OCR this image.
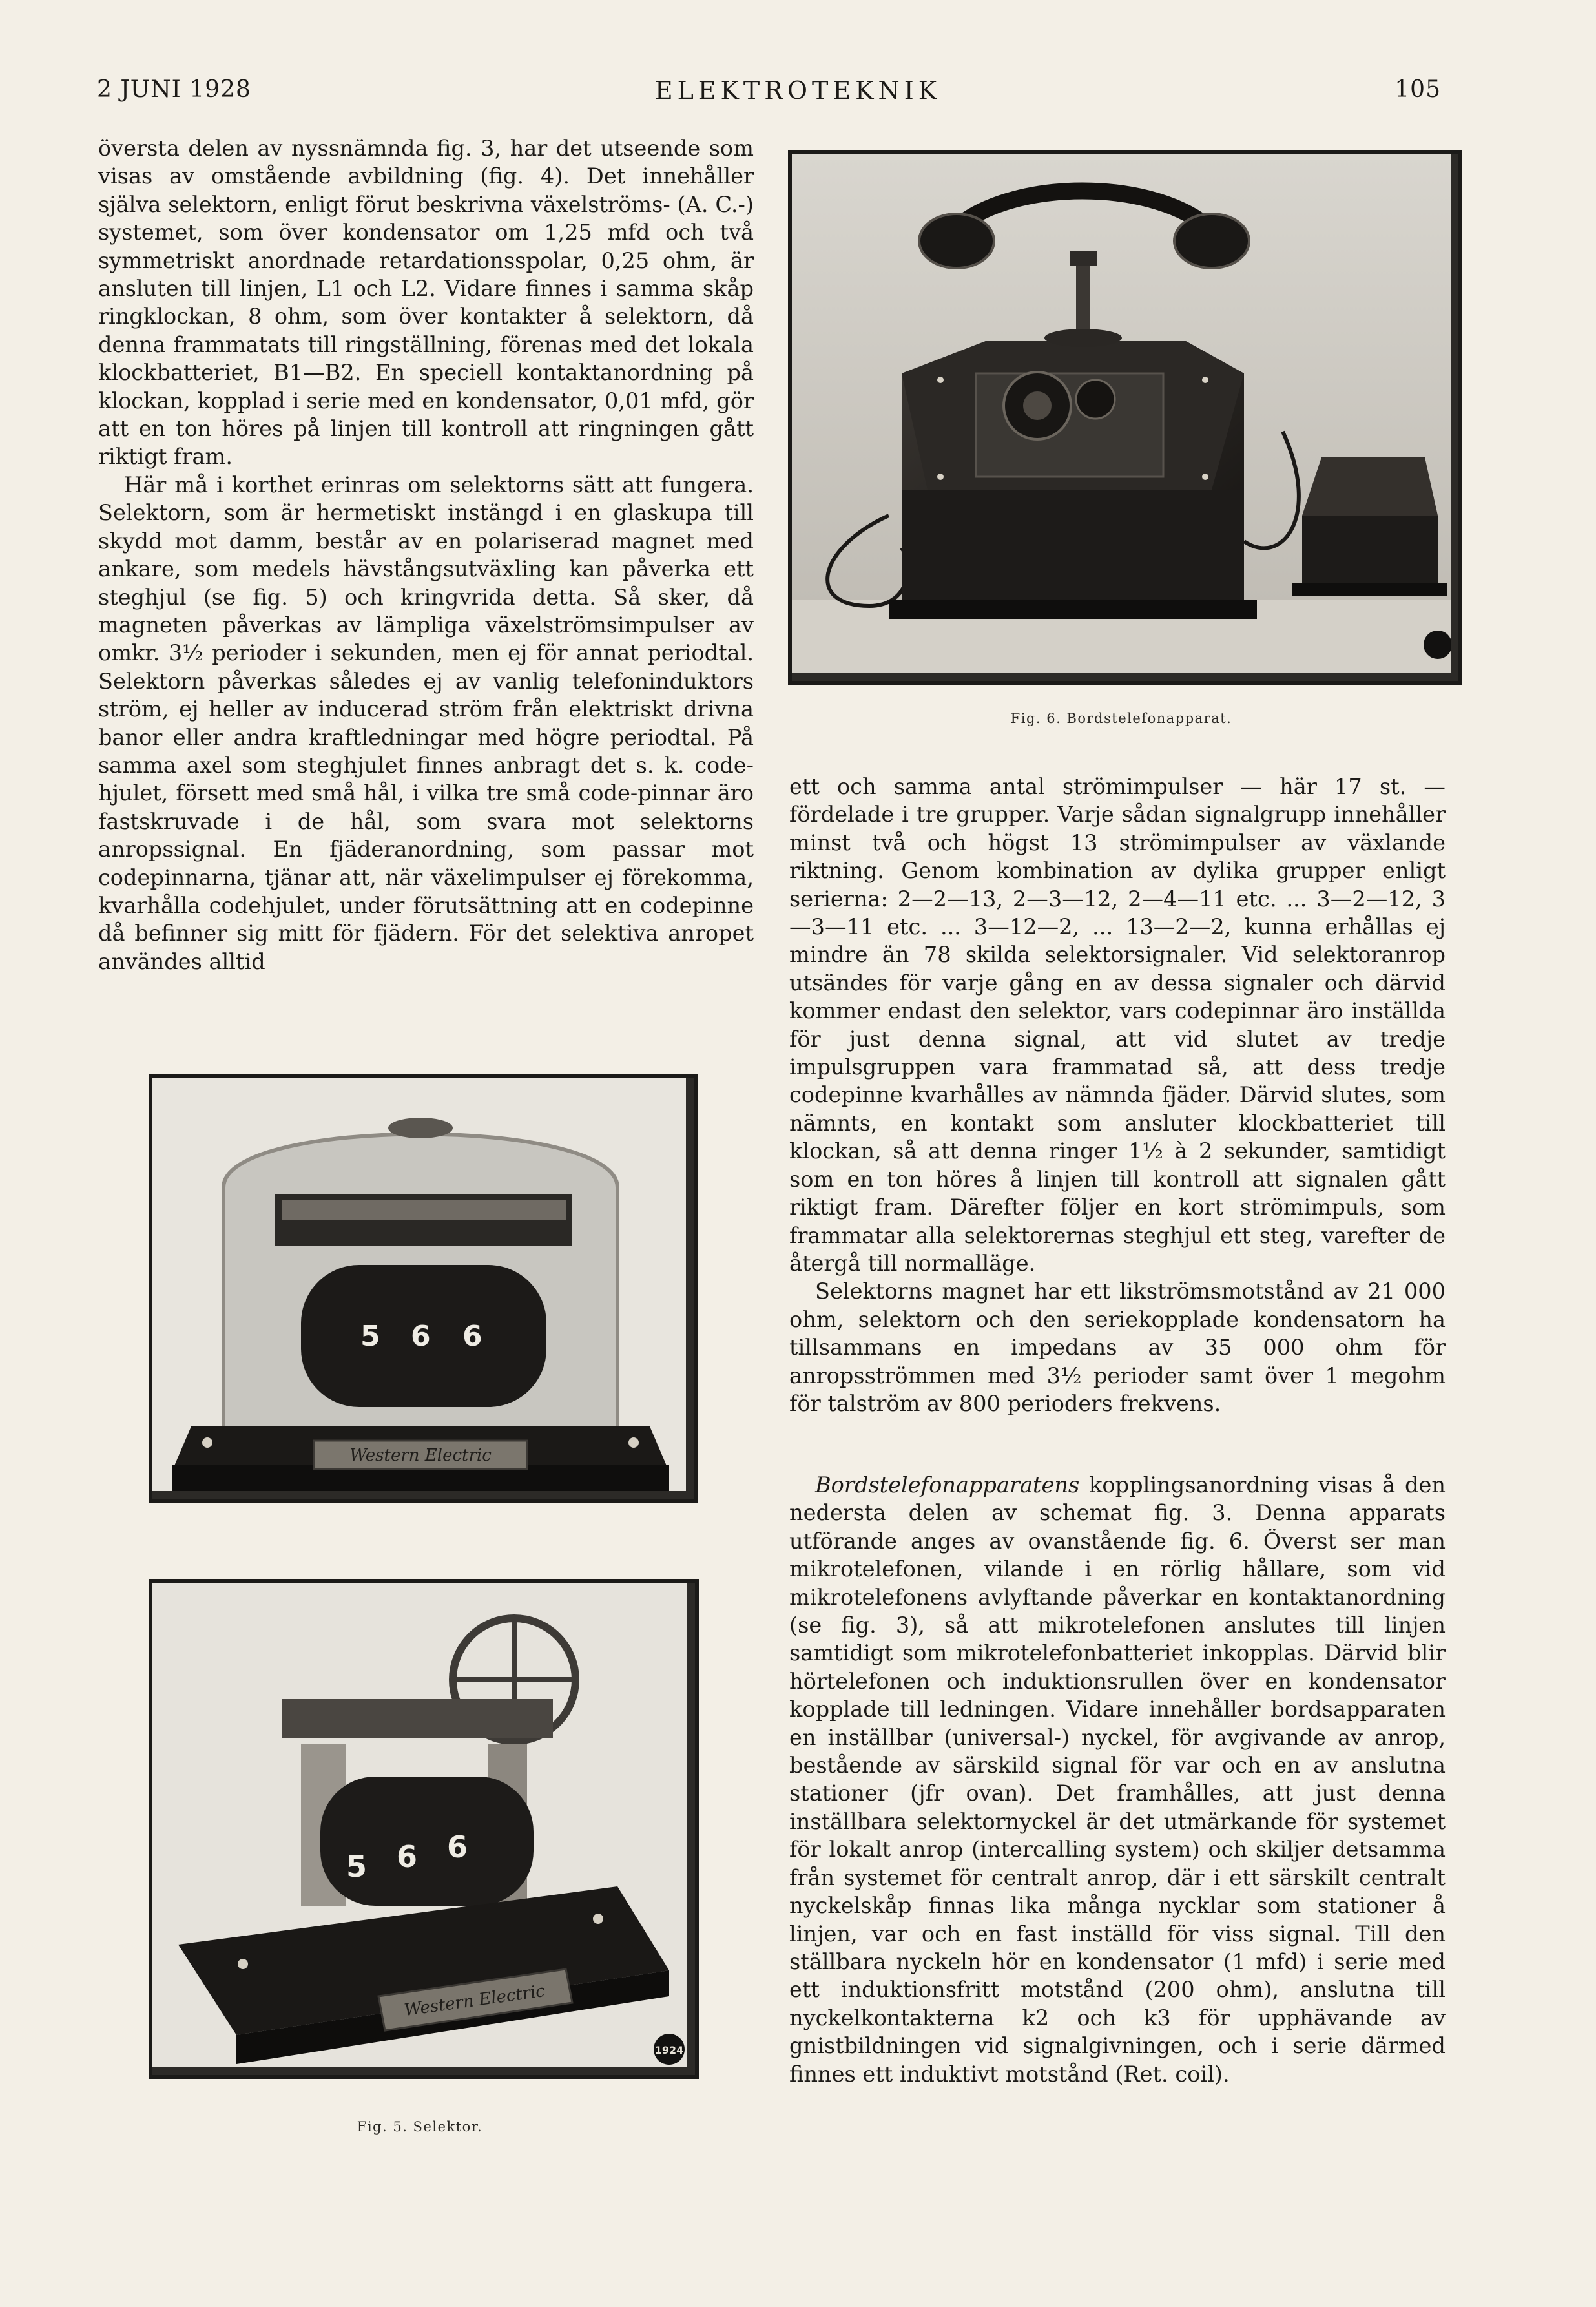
2 JUNI 1928	ELEKTROTEKNIK	105

översta delen av nyssnämnda fig. 3, har det utseende som visas av omstående avbildning (fig. 4). Det innehåller själva selektorn, enligt förut beskrivna växelströms- (A. C.-) systemet, som över kondensator om 1,25 mfd och två symmetriskt anordnade retardationsspolar, 0,25 ohm, är ansluten till linjen, L1 och L2. Vidare finnes i samma skåp ringklockan, 8 ohm, som över kontakter å selektorn, då denna frammatats till ringställning, förenas med det lokala klockbatteriet, B1—B2. En speciell kontaktanordning på klockan, kopplad i serie med en kondensator, 0,01 mfd, gör att en ton höres på linjen till kontroll att ringningen gått riktigt fram.

Här må i korthet erinras om selektorns sätt att fungera. Selektorn, som är hermetiskt instängd i en glaskupa till skydd mot damm, består av en polariserad magnet med ankare, som medels hävstångsutväxling kan påverka ett steghjul (se fig. 5) och kringvrida detta. Så sker, då magneten påverkas av lämpliga växelströmsimpulser av omkr. 3½ perioder i sekunden, men ej för annat periodtal. Selektorn påverkas således ej av vanlig telefoninduktors ström, ej heller av inducerad ström från elektriskt drivna banor eller andra kraftledningar med högre periodtal. På samma axel som steghjulet finnes anbragt det s. k. code-hjulet, försett med små hål, i vilka tre små code-pinnar äro fastskruvade i de hål, som svara mot selektorns anropssignal. En fjäderanordning, som passar mot codepinnarna, tjänar att, när växelimpulser ej förekomma, kvarhålla codehjulet, under förutsättning att en codepinne då befinner sig mitt för fjädern. För det selektiva anropet användes alltid

Fig. 6. Bordstelefonapparat.

ett och samma antal strömimpulser — här 17 st. — fördelade i tre grupper. Varje sådan signalgrupp innehåller minst två och högst 13 strömimpulser av växlande riktning. Genom kombination av dylika grupper enligt serierna: 2—2—13, 2—3—12, 2—4—11 etc. ... 3—2—12, 3—3—11 etc. ... 3—12—2, ... 13—2—2, kunna erhållas ej mindre än 78 skilda selektorsignaler. Vid selektoranrop utsändes för varje gång en av dessa signaler och därvid kommer endast den selektor, vars codepinnar äro inställda för just denna signal, att vid slutet av tredje impulsgruppen vara frammatad så, att dess tredje codepinne kvarhålles av nämnda fjäder. Därvid slutes, som nämnts, en kontakt som ansluter klockbatteriet till klockan, så att denna ringer 1½ à 2 sekunder, samtidigt som en ton höres å linjen till kontroll att signalen gått riktigt fram. Därefter följer en kort strömimpuls, som frammatar alla selektorernas steghjul ett steg, varefter de återgå till normalläge.

Selektorns magnet har ett likströmsmotstånd av 21 000 ohm, selektorn och den seriekopplade kondensatorn ha tillsammans en impedans av 35 000 ohm för anropsströmmen med 3½ perioder samt över 1 megohm för talström av 800 perioders frekvens.

Bordstelefonapparatens kopplingsanordning visas å den nedersta delen av schemat fig. 3. Denna apparats utförande anges av ovanstående fig. 6. Överst ser man mikrotelefonen, vilande i en rörlig hållare, som vid mikrotelefonens avlyftande påverkar en kontaktanordning (se fig. 3), så att mikrotelefonen anslutes till linjen samtidigt som mikrotelefonbatteriet inkopplas. Därvid blir hörtelefonen och induktionsrullen över en kondensator kopplade till ledningen. Vidare innehåller bordsapparaten en inställbar (universal-) nyckel, för avgivande av anrop, bestående av särskild signal för var och en av anslutna stationer (jfr ovan). Det framhålles, att just denna inställbara selektornyckel är det utmärkande för systemet för lokalt anrop (intercalling system) och skiljer detsamma från systemet för centralt anrop, där i ett särskilt centralt nyckelskåp finnas lika många nycklar som stationer å linjen, var och en fast inställd för viss signal. Till den ställbara nyckeln hör en kondensator (1 mfd) i serie med ett induktionsfritt motstånd (200 ohm), anslutna till nyckelkontakterna k2 och k3 för upphävande av gnistbildningen vid signalgivningen, och i serie därmed finnes ett induktivt motstånd (Ret. coil).

5 6 6
Western Electric
5 6 6
Western Electric
1924
Fig. 5. Selektor.
